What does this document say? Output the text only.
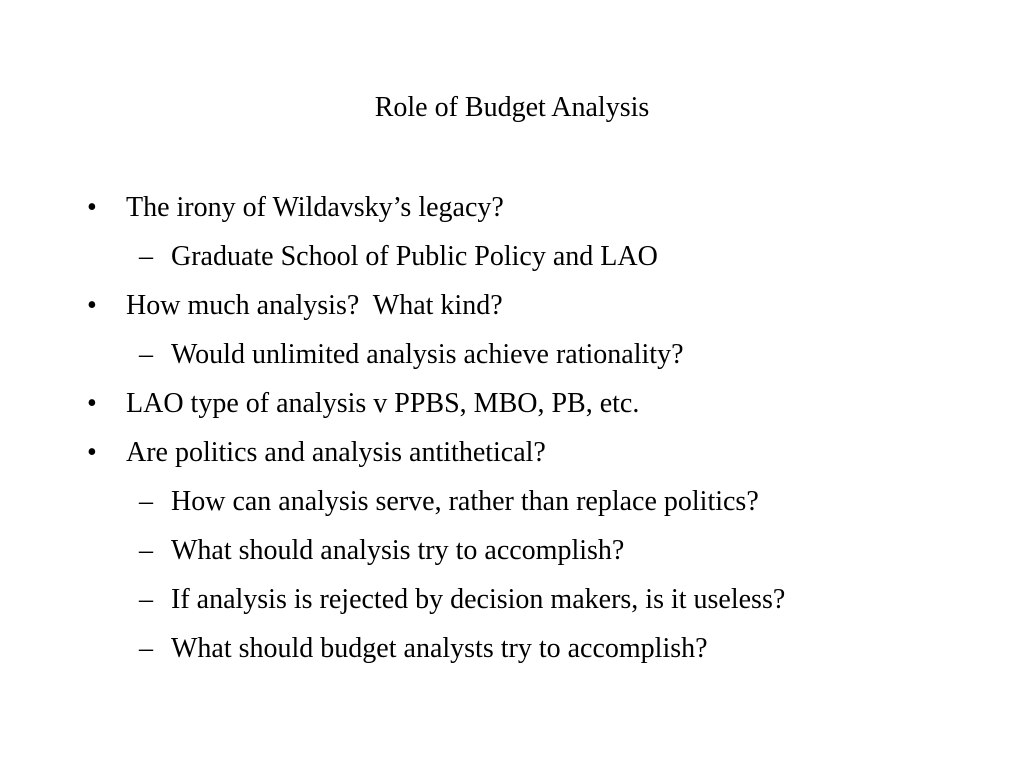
Role of Budget Analysis
• The irony of Wildavsky’s legacy?
– Graduate School of Public Policy and LAO
• How much analysis?  What kind?
– Would unlimited analysis achieve rationality?
• LAO type of analysis v PPBS, MBO, PB, etc.
• Are politics and analysis antithetical?
– How can analysis serve, rather than replace politics?
– What should analysis try to accomplish?
– If analysis is rejected by decision makers, is it useless?
– What should budget analysts try to accomplish?
